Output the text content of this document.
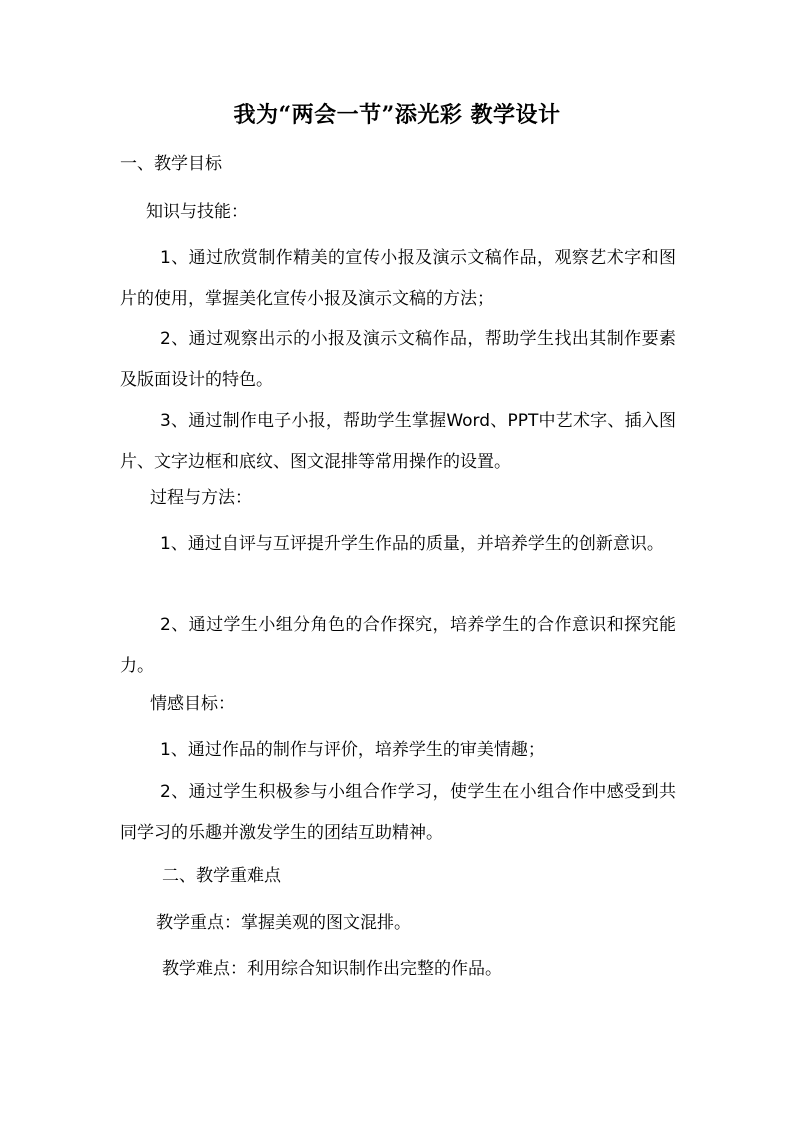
我为“两会一节”添光彩 教学设计
一、教学目标
知识与技能：
1、通过欣赏制作精美的宣传小报及演示文稿作品，观察艺术字和图片的使用，掌握美化宣传小报及演示文稿的方法；
2、通过观察出示的小报及演示文稿作品，帮助学生找出其制作要素及版面设计的特色。
3、通过制作电子小报，帮助学生掌握Word、PPT中艺术字、插入图片、文字边框和底纹、图文混排等常用操作的设置。
过程与方法：
1、通过自评与互评提升学生作品的质量，并培养学生的创新意识。
2、通过学生小组分角色的合作探究，培养学生的合作意识和探究能力。
情感目标：
1、通过作品的制作与评价，培养学生的审美情趣；
2、通过学生积极参与小组合作学习，使学生在小组合作中感受到共同学习的乐趣并激发学生的团结互助精神。
二、教学重难点
教学重点：掌握美观的图文混排。
教学难点：利用综合知识制作出完整的作品。
